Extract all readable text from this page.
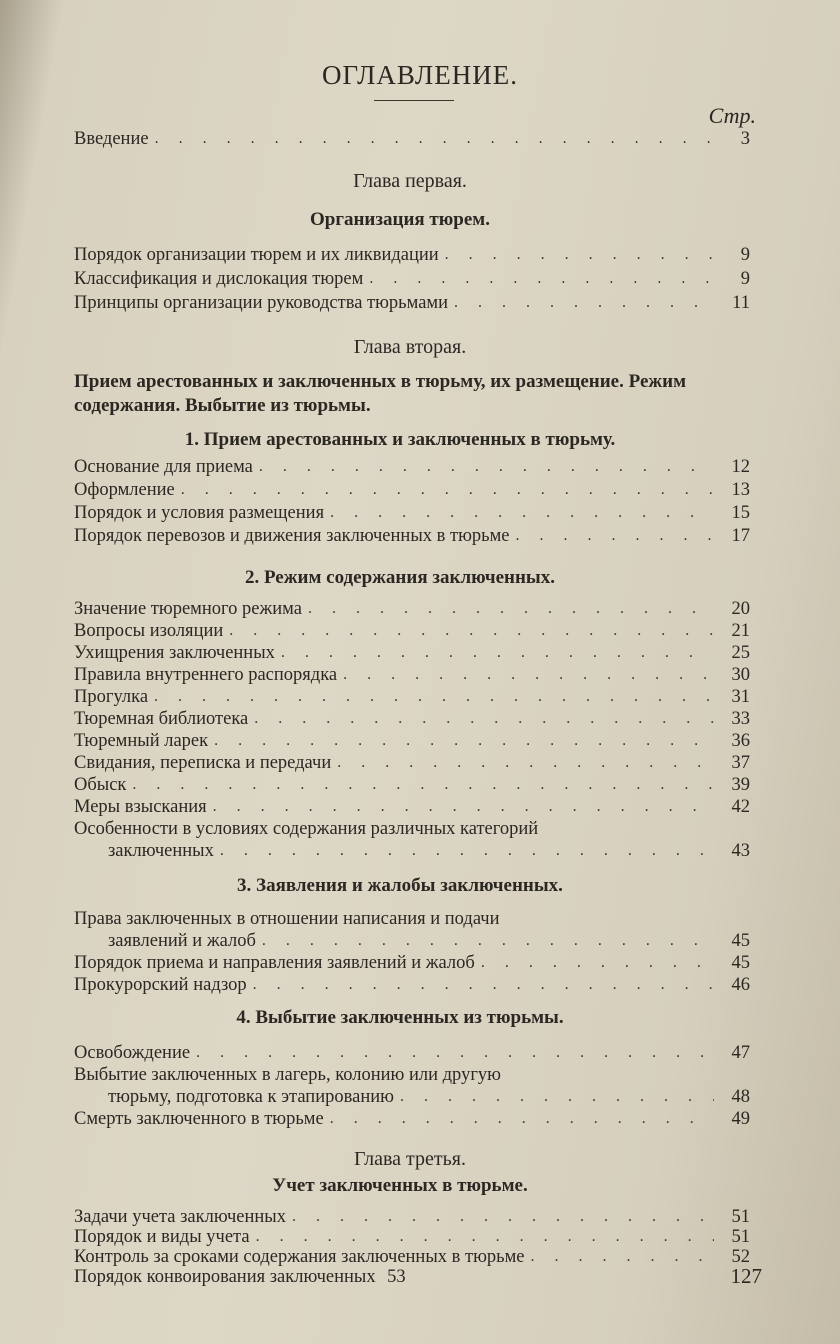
ОГЛАВЛЕНИЕ.
Стр.
Введение . . .	3
Глава первая.
Организация тюрем.
Порядок организации тюрем и их ликвидации . . .	9
Классификация и дислокация тюрем . . .	9
Принципы организации руководства тюрьмами . . .	11
Глава вторая.
Прием арестованных и заключенных в тюрьму, их размещение. Режим содержания. Выбытие из тюрьмы.
1. Прием арестованных и заключенных в тюрьму.
Основание для приема . . .	12
Оформление . . .	13
Порядок и условия размещения . . .	15
Порядок перевозов и движения заключенных в тюрьме . . .	17
2. Режим содержания заключенных.
Значение тюремного режима . . .	20
Вопросы изоляции . . .	21
Ухищрения заключенных . . .	25
Правила внутреннего распорядка . . .	30
Прогулка . . .	31
Тюремная библиотека . . .	33
Тюремный ларек . . .	36
Свидания, переписка и передачи . . .	37
Обыск . . .	39
Меры взыскания . . .	42
Особенности в условиях содержания различных категорий
заключенных . . .	43
3. Заявления и жалобы заключенных.
Права заключенных в отношении написания и подачи
заявлений и жалоб . . .	45
Порядок приема и направления заявлений и жалоб . . .	45
Прокурорский надзор . . .	46
4. Выбытие заключенных из тюрьмы.
Освобождение . . .	47
Выбытие заключенных в лагерь, колонию или другую
тюрьму, подготовка к этапированию . . .	48
Смерть заключенного в тюрьме . . .	49
Глава третья.
Учет заключенных в тюрьме.
Задачи учета заключенных . . .	51
Порядок и виды учета . . .	51
Контроль за сроками содержания заключенных в тюрьме . . .	52
Порядок конвоирования заключенных 53	127
